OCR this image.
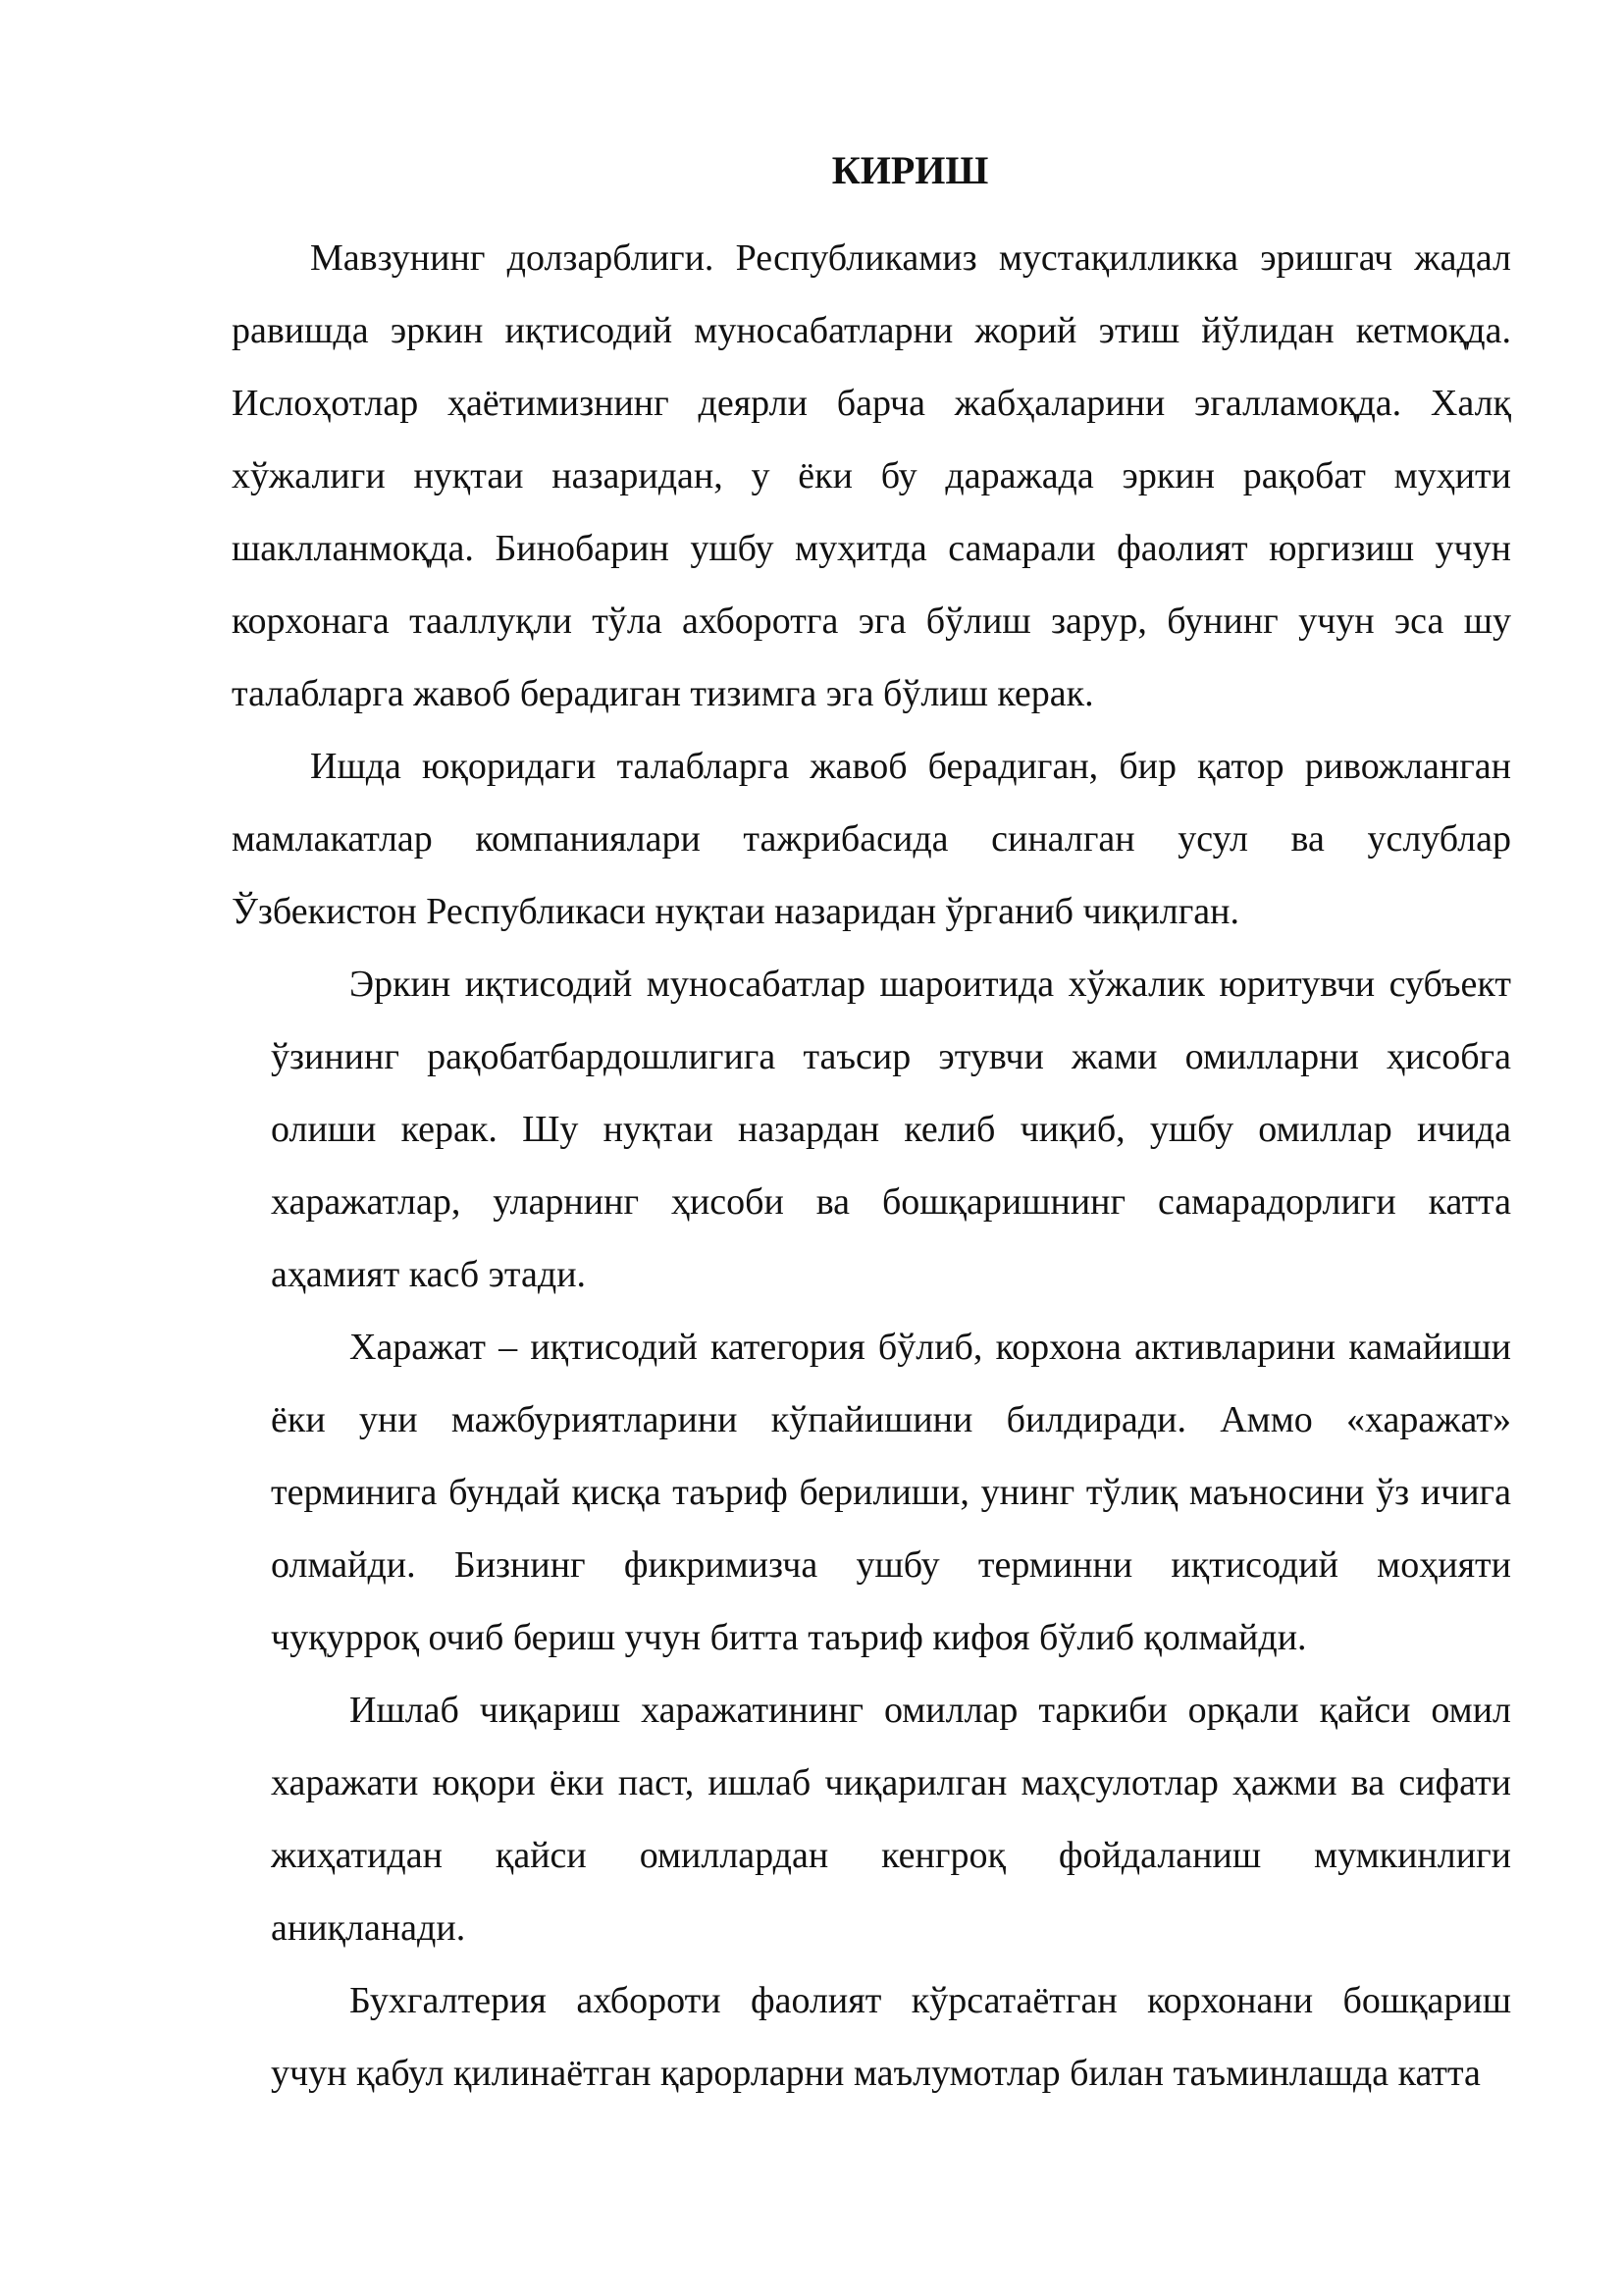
КИРИШ
Мавзунинг долзарблиги. Республикамиз мустақилликка эришгач жадал
равишда эркин иқтисодий муносабатларни жорий этиш йўлидан кетмоқда.
Ислоҳотлар ҳаётимизнинг деярли барча жабҳаларини эгалламоқда. Халқ
хўжалиги нуқтаи назаридан, у ёки бу даражада эркин рақобат муҳити
шаклланмоқда. Бинобарин ушбу муҳитда самарали фаолият юргизиш учун
корхонага тааллуқли тўла ахборотга эга бўлиш зарур, бунинг учун эса шу
талабларга жавоб берадиган тизимга эга бўлиш керак.
Ишда юқоридаги талабларга жавоб берадиган, бир қатор ривожланган
мамлакатлар компаниялари тажрибасида синалган усул ва услублар
Ўзбекистон Республикаси нуқтаи назаридан ўрганиб чиқилган.
Эркин иқтисодий муносабатлар шароитида хўжалик юритувчи субъект
ўзининг рақобатбардошлигига таъсир этувчи жами омилларни ҳисобга
олиши керак. Шу нуқтаи назардан келиб чиқиб, ушбу омиллар ичида
харажатлар, уларнинг ҳисоби ва бошқаришнинг самарадорлиги катта
аҳамият касб этади.
Харажат – иқтисодий категория бўлиб, корхона активларини камайиши
ёки уни мажбуриятларини кўпайишини билдиради. Аммо «харажат»
терминига бундай қисқа таъриф берилиши, унинг тўлиқ маъносини ўз ичига
олмайди. Бизнинг фикримизча ушбу терминни иқтисодий моҳияти
чуқурроқ очиб бериш учун битта таъриф кифоя бўлиб қолмайди.
Ишлаб чиқариш харажатининг омиллар таркиби орқали қайси омил
харажати юқори ёки паст, ишлаб чиқарилган маҳсулотлар ҳажми ва сифати
жиҳатидан қайси омиллардан кенгроқ фойдаланиш мумкинлиги
аниқланади.
Бухгалтерия ахбороти фаолият кўрсатаётган корхонани бошқариш
учун қабул қилинаётган қарорларни маълумотлар билан таъминлашда катта
